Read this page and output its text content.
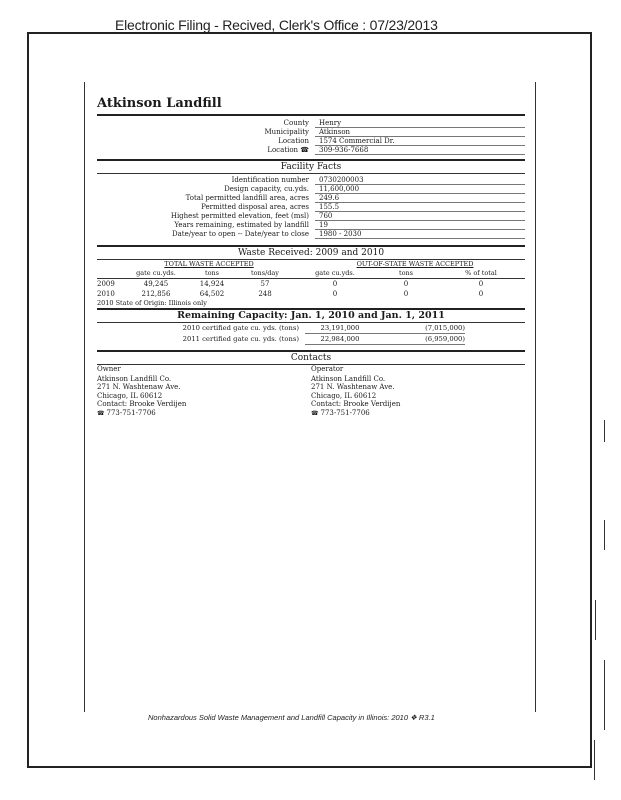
Electronic Filing - Recived, Clerk's Office : 07/23/2013
Atkinson Landfill
County	Henry
Municipality	Atkinson
Location	1574 Commercial Dr.
Location ☎	309-936-7668
Facility Facts
Identification number	0730200003
Design capacity, cu.yds.	11,600,000
Total permitted landfill area, acres	249.6
Permitted disposal area, acres	155.5
Highest permitted elevation, feet (msl)	760
Years remaining, estimated by landfill	19
Date/year to open -- Date/year to close	1980 - 2030
Waste Received: 2009 and 2010
TOTAL WASTE ACCEPTED	OUT-OF-STATE WASTE ACCEPTED
gate cu.yds.	tons	tons/day	gate cu.yds.	tons	% of total
2009	49,245	14,924	57	0	0	0
2010	212,856	64,502	248	0	0	0
2010 State of Origin: Illinois only
Remaining Capacity: Jan. 1, 2010 and Jan. 1, 2011
2010 certified gate cu. yds. (tons)	23,191,000	(7,015,000)
2011 certified gate cu. yds. (tons)	22,984,000	(6,959,000)
Contacts
Owner
Atkinson Landfill Co.
271 N. Washtenaw Ave.
Chicago, IL 60612
Contact: Brooke Verdijen
☎ 773-751-7706
Operator
Atkinson Landfill Co.
271 N. Washtenaw Ave.
Chicago, IL 60612
Contact: Brooke Verdijen
☎ 773-751-7706
Nonhazardous Solid Waste Management and Landfill Capacity in Illinois: 2010 ❖ R3.1
